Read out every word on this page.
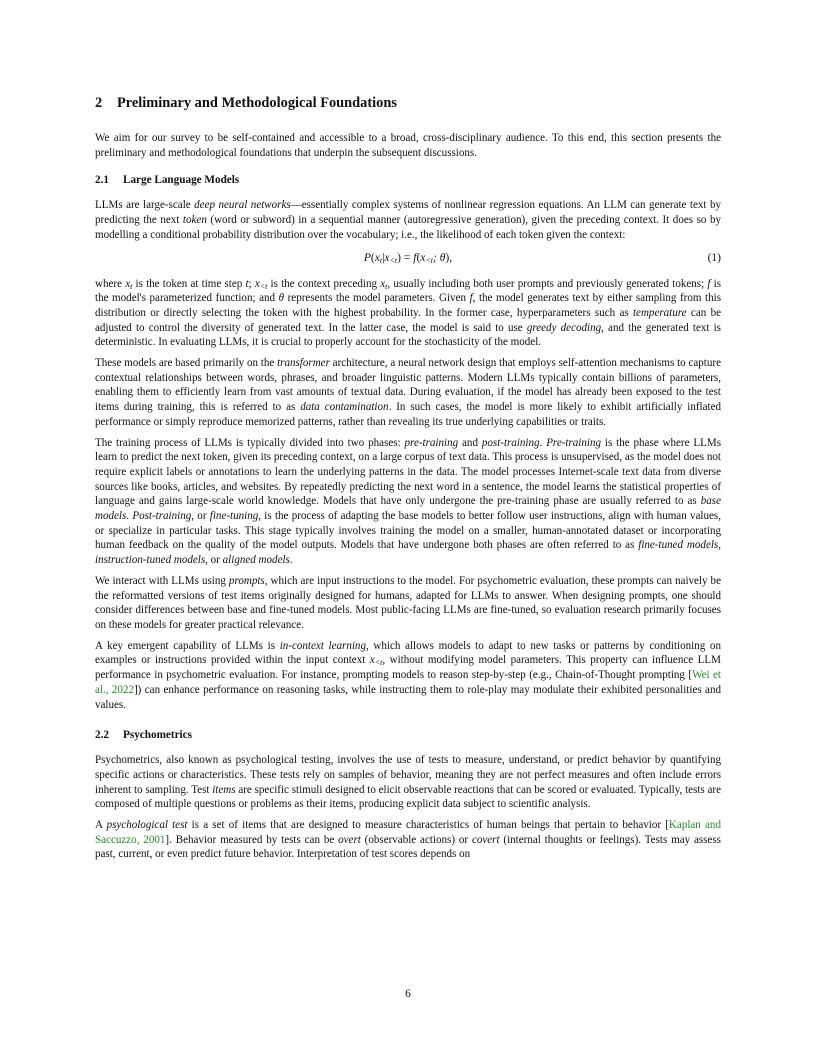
2 Preliminary and Methodological Foundations

We aim for our survey to be self-contained and accessible to a broad, cross-disciplinary audience. To this end, this section presents the preliminary and methodological foundations that underpin the subsequent discussions.

2.1 Large Language Models

LLMs are large-scale deep neural networks—essentially complex systems of nonlinear regression equations. An LLM can generate text by predicting the next token (word or subword) in a sequential manner (autoregressive generation), given the preceding context. It does so by modelling a conditional probability distribution over the vocabulary; i.e., the likelihood of each token given the context:

$P(x_t|x_{<t}) = f(x_{<t}$; θ),	(1)

where $x_t$ is the token at time step t; $x_{<t}$ is the context preceding $x_t$, usually including both user prompts and previously generated tokens; f is the model's parameterized function; and θ represents the model parameters. Given f, the model generates text by either sampling from this distribution or directly selecting the token with the highest probability. In the former case, hyperparameters such as temperature can be adjusted to control the diversity of generated text. In the latter case, the model is said to use greedy decoding, and the generated text is deterministic. In evaluating LLMs, it is crucial to properly account for the stochasticity of the model.

These models are based primarily on the transformer architecture, a neural network design that employs self-attention mechanisms to capture contextual relationships between words, phrases, and broader linguistic patterns. Modern LLMs typically contain billions of parameters, enabling them to efficiently learn from vast amounts of textual data. During evaluation, if the model has already been exposed to the test items during training, this is referred to as data contamination. In such cases, the model is more likely to exhibit artificially inflated performance or simply reproduce memorized patterns, rather than revealing its true underlying capabilities or traits.

The training process of LLMs is typically divided into two phases: pre-training and post-training. Pre-training is the phase where LLMs learn to predict the next token, given its preceding context, on a large corpus of text data. This process is unsupervised, as the model does not require explicit labels or annotations to learn the underlying patterns in the data. The model processes Internet-scale text data from diverse sources like books, articles, and websites. By repeatedly predicting the next word in a sentence, the model learns the statistical properties of language and gains large-scale world knowledge. Models that have only undergone the pre-training phase are usually referred to as base models. Post-training, or fine-tuning, is the process of adapting the base models to better follow user instructions, align with human values, or specialize in particular tasks. This stage typically involves training the model on a smaller, human-annotated dataset or incorporating human feedback on the quality of the model outputs. Models that have undergone both phases are often referred to as fine-tuned models, instruction-tuned models, or aligned models.

We interact with LLMs using prompts, which are input instructions to the model. For psychometric evaluation, these prompts can naively be the reformatted versions of test items originally designed for humans, adapted for LLMs to answer. When designing prompts, one should consider differences between base and fine-tuned models. Most public-facing LLMs are fine-tuned, so evaluation research primarily focuses on these models for greater practical relevance.

A key emergent capability of LLMs is in-context learning, which allows models to adapt to new tasks or patterns by conditioning on examples or instructions provided within the input context $x_{<t}$, without modifying model parameters. This property can influence LLM performance in psychometric evaluation. For instance, prompting models to reason step-by-step (e.g., Chain-of-Thought prompting [Wei et al., 2022]) can enhance performance on reasoning tasks, while instructing them to role-play may modulate their exhibited personalities and values.

2.2 Psychometrics

Psychometrics, also known as psychological testing, involves the use of tests to measure, understand, or predict behavior by quantifying specific actions or characteristics. These tests rely on samples of behavior, meaning they are not perfect measures and often include errors inherent to sampling. Test items are specific stimuli designed to elicit observable reactions that can be scored or evaluated. Typically, tests are composed of multiple questions or problems as their items, producing explicit data subject to scientific analysis.

A psychological test is a set of items that are designed to measure characteristics of human beings that pertain to behavior [Kaplan and Saccuzzo, 2001]. Behavior measured by tests can be overt (observable actions) or covert (internal thoughts or feelings). Tests may assess past, current, or even predict future behavior. Interpretation of test scores depends on

6
